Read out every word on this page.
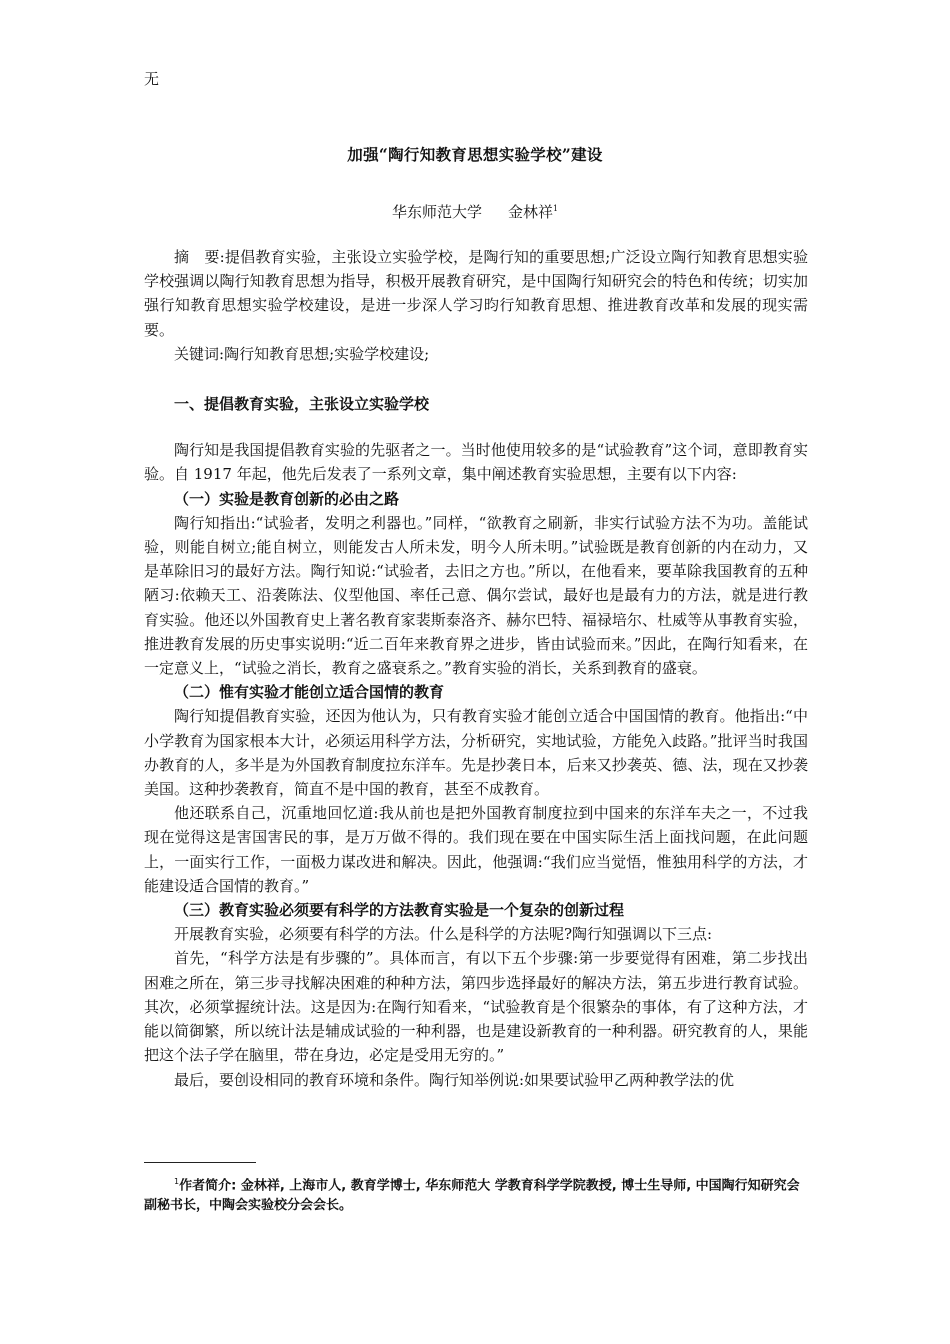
无
加强“陶行知教育思想实验学校”建设
华东师范大学 金林祥$^1$

摘　要:提倡教育实验，主张设立实验学校，是陶行知的重要思想;广泛设立陶行知教育思想实验学校强调以陶行知教育思想为指导，积极开展教育研究，是中国陶行知研究会的特色和传统；切实加强行知教育思想实验学校建设，是进一步深人学习昀行知教育思想、推进教育改革和发展的现实需要。

关键词:陶行知教育思想;实验学校建设;

一、提倡教育实验，主张设立实验学校

陶行知是我国提倡教育实验的先驱者之一。当时他使用较多的是“试验教育”这个词，意即教育实验。自 1917 年起，他先后发表了一系列文章，集中阐述教育实验思想，主要有以下内容:

（一）实验是教育创新的必由之路

陶行知指出:“试验者，发明之利器也。”同样，“欲教育之刷新，非实行试验方法不为功。盖能试验，则能自树立;能自树立，则能发古人所未发，明今人所未明。”试验既是教育创新的内在动力，又是革除旧习的最好方法。陶行知说:“试验者，去旧之方也。”所以，在他看来，要革除我国教育的五种陋习:依赖天工、沿袭陈法、仪型他国、率任己意、偶尔尝试，最好也是最有力的方法，就是进行教育实验。他还以外国教育史上著名教育家裴斯泰洛齐、赫尔巴特、福禄培尔、杜威等从事教育实验，推进教育发展的历史事实说明:“近二百年来教育界之进步，皆由试验而来。”因此，在陶行知看来，在一定意义上，“试验之消长，教育之盛衰系之。”教育实验的消长，关系到教育的盛衰。

（二）惟有实验才能创立适合国情的教育

陶行知提倡教育实验，还因为他认为，只有教育实验才能创立适合中国国情的教育。他指出:“中小学教育为国家根本大计，必须运用科学方法，分析研究，实地试验，方能免入歧路。”批评当时我国办教育的人，多半是为外国教育制度拉东洋车。先是抄袭日本，后来又抄袭英、德、法，现在又抄袭美国。这种抄袭教育，简直不是中国的教育，甚至不成教育。

他还联系自己，沉重地回忆道:我从前也是把外国教育制度拉到中国来的东洋车夫之一，不过我现在觉得这是害国害民的事，是万万做不得的。我们现在要在中国实际生活上面找问题，在此问题上，一面实行工作，一面极力谋改进和解决。因此，他强调:“我们应当觉悟，惟独用科学的方法，才能建设适合国情的教育。”

（三）教育实验必须要有科学的方法教育实验是一个复杂的创新过程

开展教育实验，必须要有科学的方法。什么是科学的方法呢?陶行知强调以下三点:

首先，“科学方法是有步骤的”。具体而言，有以下五个步骤:第一步要觉得有困难，第二步找出困难之所在，第三步寻找解决困难的种种方法，第四步选择最好的解决方法，第五步进行教育试验。其次，必须掌握统计法。这是因为:在陶行知看来，“试验教育是个很繁杂的事体，有了这种方法，才能以简御繁，所以统计法是辅成试验的一种利器，也是建设新教育的一种利器。研究教育的人，果能把这个法子学在脑里，带在身边，必定是受用无穷的。”

最后，要创设相同的教育环境和条件。陶行知举例说:如果要试验甲乙两种教学法的优

$^1$作者简介: 金林祥, 上海市人, 教育学博士, 华东师范大 学教育科学学院教授, 博士生导师, 中国陶行知研究会副秘书长，中陶会实验校分会会长。
